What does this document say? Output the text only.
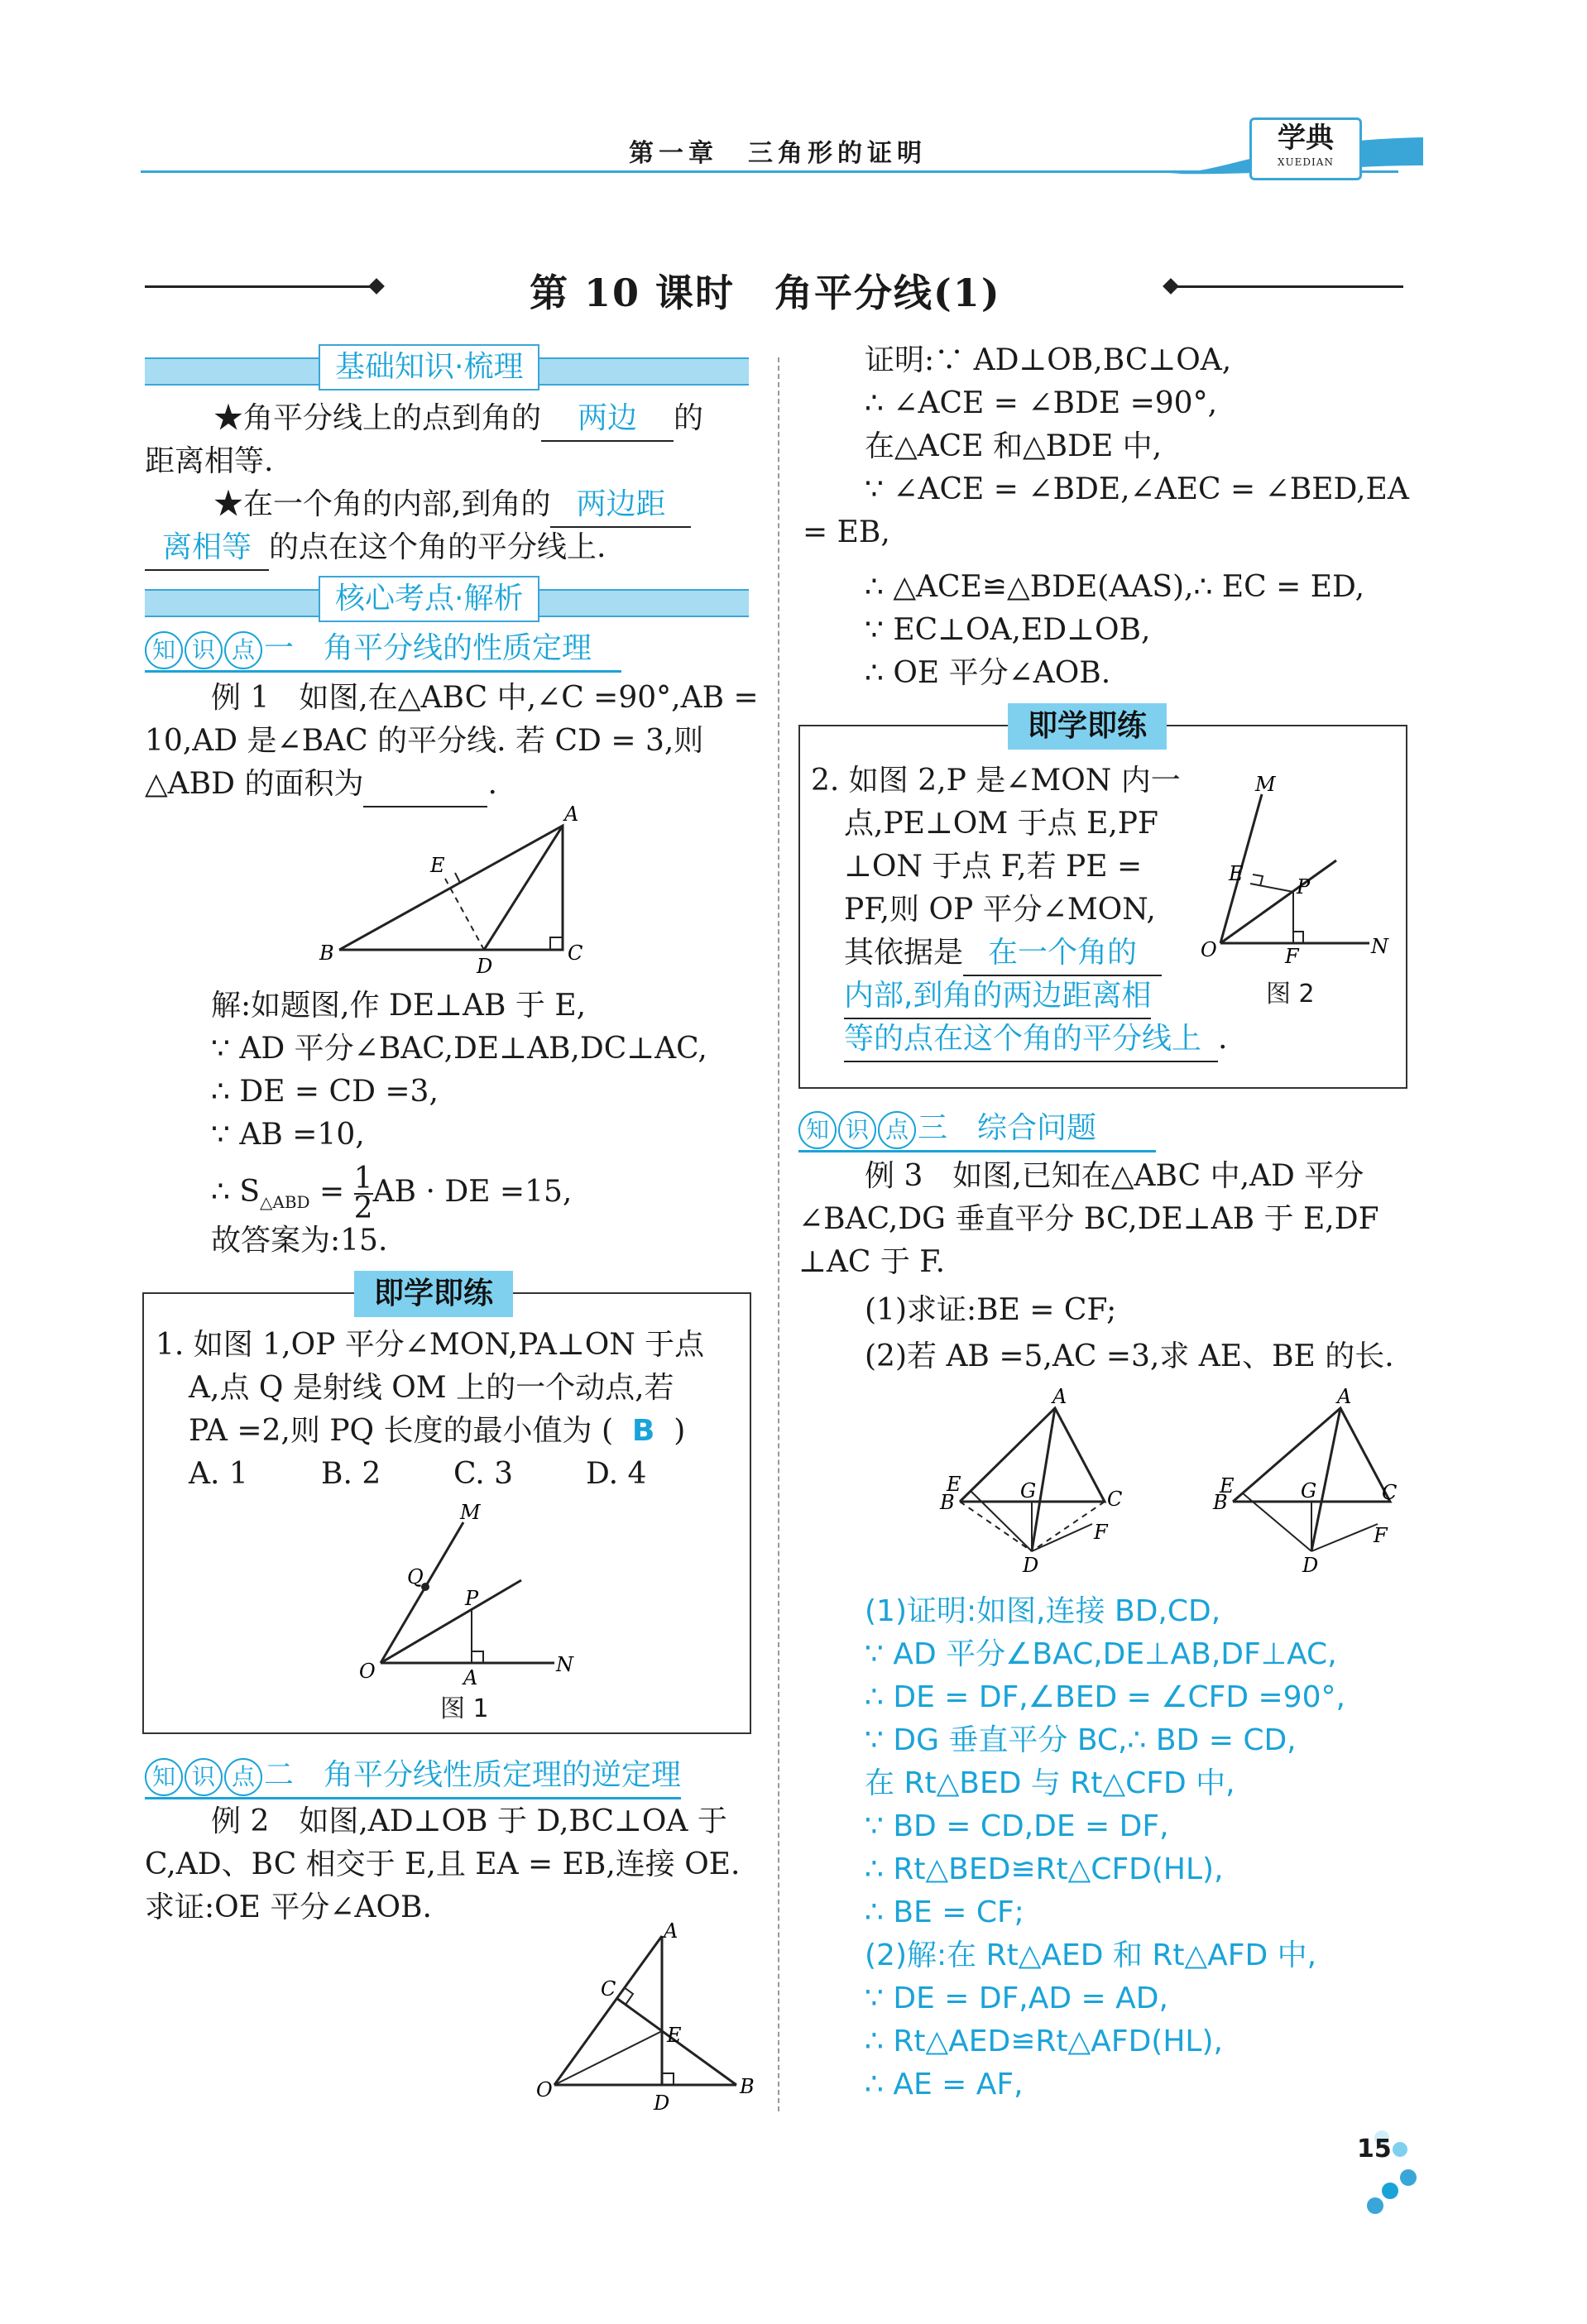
第一章　三角形的证明	学典
XUEDIAN
第 10 课时　角平分线(1)
基础知识·梳理
★角平分线上的点到角的 两边 的
距离相等.
★在一个角的内部,到角的 两边距
离相等 的点在这个角的平分线上.
核心考点·解析
知 识 点 一　 角平分线的性质定理　
例 1　如图,在△ABC 中,∠C =90°,AB =
10,AD 是∠BAC 的平分线. 若 CD = 3,则
△ABD 的面积为	.
A
B	C
D
E
解:如题图,作 DE⊥AB 于 E,
∵ AD 平分∠BAC,DE⊥AB,DC⊥AC,
∴ DE = CD =3,
∵ AB =10,
∴ $S_{\triangle ABD} = \frac{1}{2}$ AB · DE =15,
故答案为:15.
即学即练
1. 如图 1,OP 平分∠MON,PA⊥ON 于点
A,点 Q 是射线 OM 上的一个动点,若
PA =2,则 PQ 长度的最小值为 ( B )
A. 1 B. 2 C. 3 D. 4
M
Q
P
O	A
N
图 1
知 识 点 二　 角平分线性质定理的逆定理
例 2　如图,AD⊥OB 于 D,BC⊥OA 于
C,AD、BC 相交于 E,且 EA = EB,连接 OE.
求证:OE 平分∠AOB.
A
C
E
O
D
B
证明:∵ AD⊥OB,BC⊥OA,
∴ ∠ACE = ∠BDE =90°,
在△ACE 和△BDE 中,
∵ ∠ACE = ∠BDE,∠AEC = ∠BED,EA
= EB,
∴ △ACE≌△BDE(AAS),∴ EC = ED,
∵ EC⊥OA,ED⊥OB,
∴ OE 平分∠AOB.
即学即练
2. 如图 2,P 是∠MON 内一
点,PE⊥OM 于点 E,PF
⊥ON 于点 F,若 PE =
PF,则 OP 平分∠MON,
其依据是 在一个角的
内部,到角的两边距离相
等的点在这个角的平分线上 .
M
E
P
O	F	N
图 2
知 识 点 三　 综合问题　　
例 3　如图,已知在△ABC 中,AD 平分
∠BAC,DG 垂直平分 BC,DE⊥AB 于 E,DF
⊥AC 于 F.
(1)求证:BE = CF;
(2)若 AB =5,AC =3,求 AE、BE 的长.
A
B
E
C
F
G
D
A
B
E	C
F
G
D
(1)证明:如图,连接 BD,CD,
∵ AD 平分∠BAC,DE⊥AB,DF⊥AC,
∴ DE = DF,∠BED = ∠CFD =90°,
∵ DG 垂直平分 BC,∴ BD = CD,
在 Rt△BED 与 Rt△CFD 中,
∵ BD = CD,DE = DF,
∴ Rt△BED≌Rt△CFD(HL),
∴ BE = CF;
(2)解:在 Rt△AED 和 Rt△AFD 中,
∵ DE = DF,AD = AD,
∴ Rt△AED≌Rt△AFD(HL),
∴ AE = AF,
15
